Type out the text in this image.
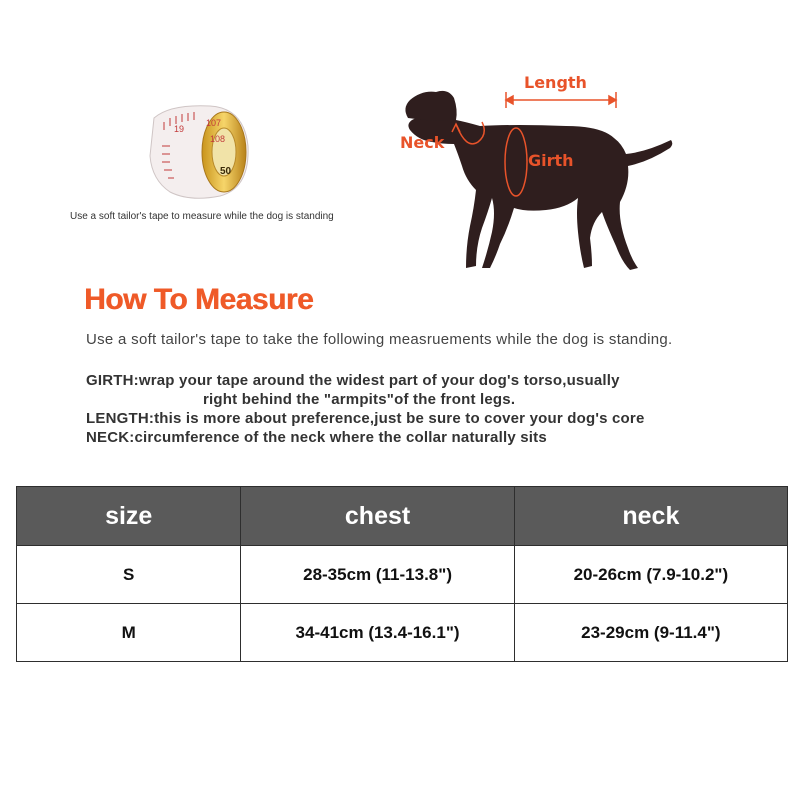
107
108
19
50
Use a soft tailor's tape to measure while the dog is standing
Length
Neck
Girth
How To Measure
Use a soft tailor's tape to take the following measruements while the dog is standing.
GIRTH:wrap your tape around the widest part of your dog's torso,usually
right behind the "armpits"of the front legs.
LENGTH:this is more about preference,just be sure to cover your dog's core
NECK:circumference of the neck where the collar naturally sits
size	chest	neck
S	28-35cm (11-13.8")	20-26cm (7.9-10.2")
M	34-41cm (13.4-16.1")	23-29cm (9-11.4")
